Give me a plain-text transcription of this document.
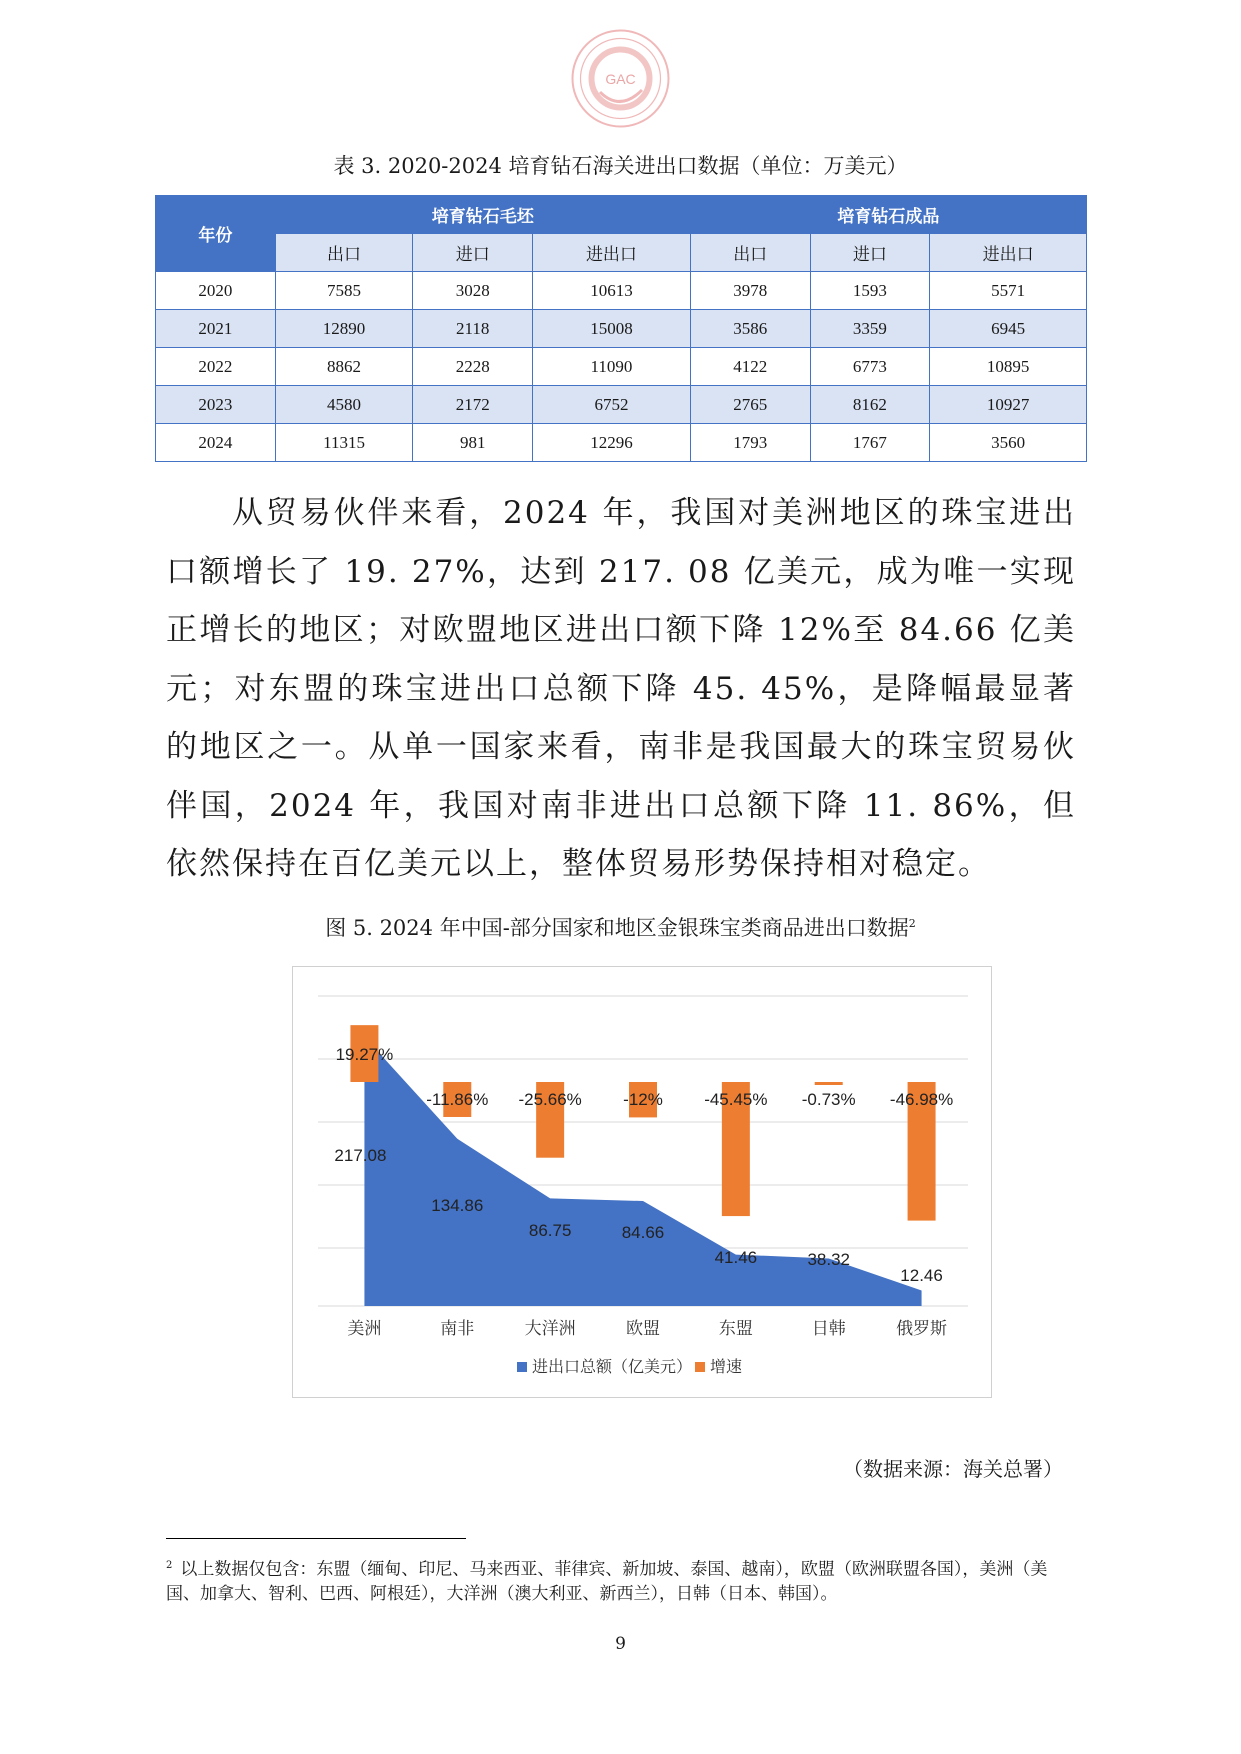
GAC
表 3. 2020-2024 培育钻石海关进出口数据（单位：万美元）
年份	培育钻石毛坯			培育钻石成品		
	出口	进口	进出口	出口	进口	进出口
2020	7585	3028	10613	3978	1593	5571
2021	12890	2118	15008	3586	3359	6945
2022	8862	2228	11090	4122	6773	10895
2023	4580	2172	6752	2765	8162	10927
2024	11315	981	12296	1793	1767	3560

从贸易伙伴来看，2024 年，我国对美洲地区的珠宝进出口额增长了 19. 27%，达到 217. 08 亿美元，成为唯一实现正增长的地区；对欧盟地区进出口额下降 12%至 84.66 亿美元；对东盟的珠宝进出口总额下降 45. 45%，是降幅最显著的地区之一。从单一国家来看，南非是我国最大的珠宝贸易伙伴国，2024 年，我国对南非进出口总额下降 11. 86%，但依然保持在百亿美元以上，整体贸易形势保持相对稳定。

图 5. 2024 年中国-部分国家和地区金银珠宝类商品进出口数据$^2$
19.27%
-11.86% -25.66% -12% -45.45% -0.73% -46.98%
217.08
134.86
86.75	84.66
41.46	38.32
12.46
美洲	南非	大洋洲	欧盟	东盟	日韩	俄罗斯
进出口总额（亿美元） 增速
（数据来源：海关总署）
$^2$ 以上数据仅包含：东盟（缅甸、印尼、马来西亚、菲律宾、新加坡、泰国、越南），欧盟（欧洲联盟各国），美洲（美国、加拿大、智利、巴西、阿根廷），大洋洲（澳大利亚、新西兰），日韩（日本、韩国）。
9
